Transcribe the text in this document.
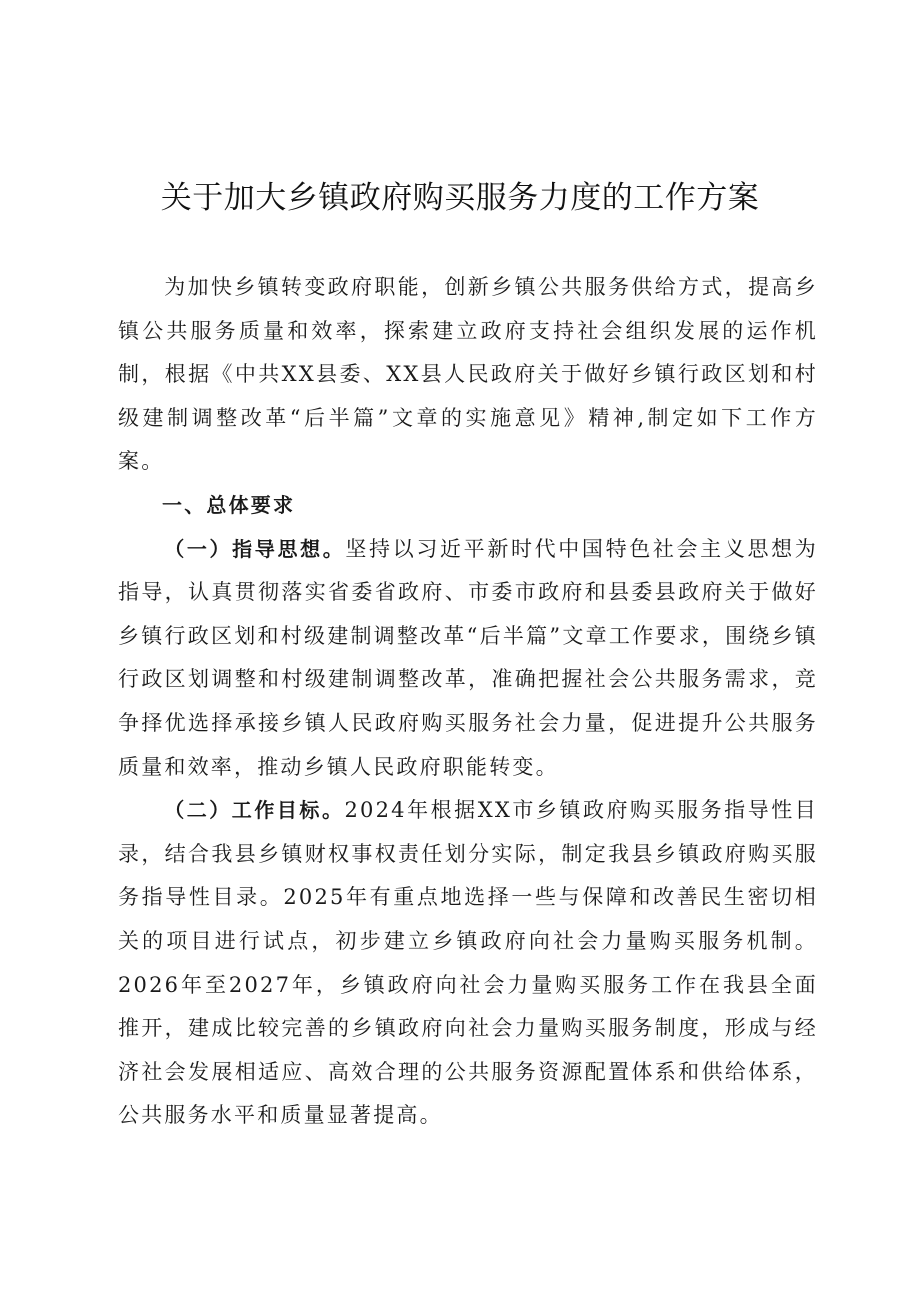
关于加大乡镇政府购买服务力度的工作方案

为加快乡镇转变政府职能，创新乡镇公共服务供给方式，提高乡镇公共服务质量和效率，探索建立政府支持社会组织发展的运作机制，根据《中共XX县委、XX县人民政府关于做好乡镇行政区划和村级建制调整改革“后半篇”文章的实施意见》精神,制定如下工作方案。

一、总体要求

（一）指导思想。坚持以习近平新时代中国特色社会主义思想为指导，认真贯彻落实省委省政府、市委市政府和县委县政府关于做好乡镇行政区划和村级建制调整改革“后半篇”文章工作要求，围绕乡镇行政区划调整和村级建制调整改革，准确把握社会公共服务需求，竞争择优选择承接乡镇人民政府购买服务社会力量，促进提升公共服务质量和效率，推动乡镇人民政府职能转变。

（二）工作目标。2024年根据XX市乡镇政府购买服务指导性目录，结合我县乡镇财权事权责任划分实际，制定我县乡镇政府购买服务指导性目录。2025年有重点地选择一些与保障和改善民生密切相关的项目进行试点，初步建立乡镇政府向社会力量购买服务机制。2026年至2027年，乡镇政府向社会力量购买服务工作在我县全面推开，建成比较完善的乡镇政府向社会力量购买服务制度，形成与经济社会发展相适应、高效合理的公共服务资源配置体系和供给体系，公共服务水平和质量显著提高。
